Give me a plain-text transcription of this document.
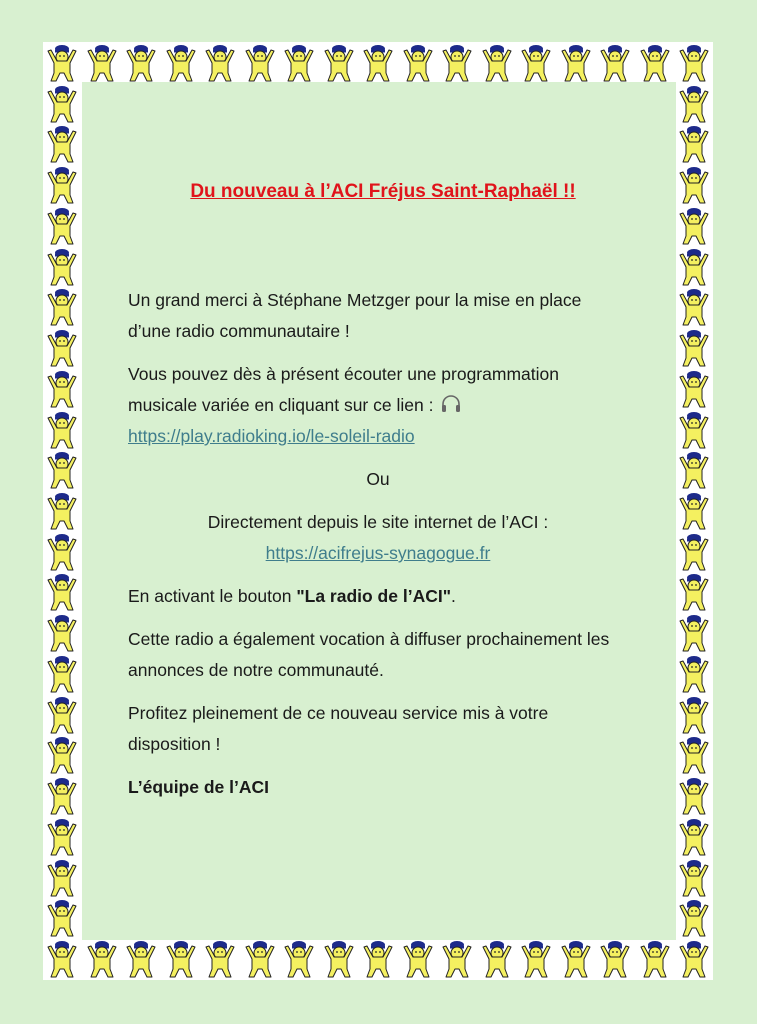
Du nouveau à l’ACI Fréjus Saint-Raphaël !!

Un grand merci à Stéphane Metzger pour la mise en place d’une radio communautaire !

Vous pouvez dès à présent écouter une programmation musicale variée en cliquant sur ce lien :  https://play.radioking.io/le-soleil-radio

Ou

Directement depuis le site internet de l’ACI :
https://acifrejus-synagogue.fr

En activant le bouton "La radio de l’ACI".

Cette radio a également vocation à diffuser prochainement les annonces de notre communauté.

Profitez pleinement de ce nouveau service mis à votre disposition !

L’équipe de l’ACI
